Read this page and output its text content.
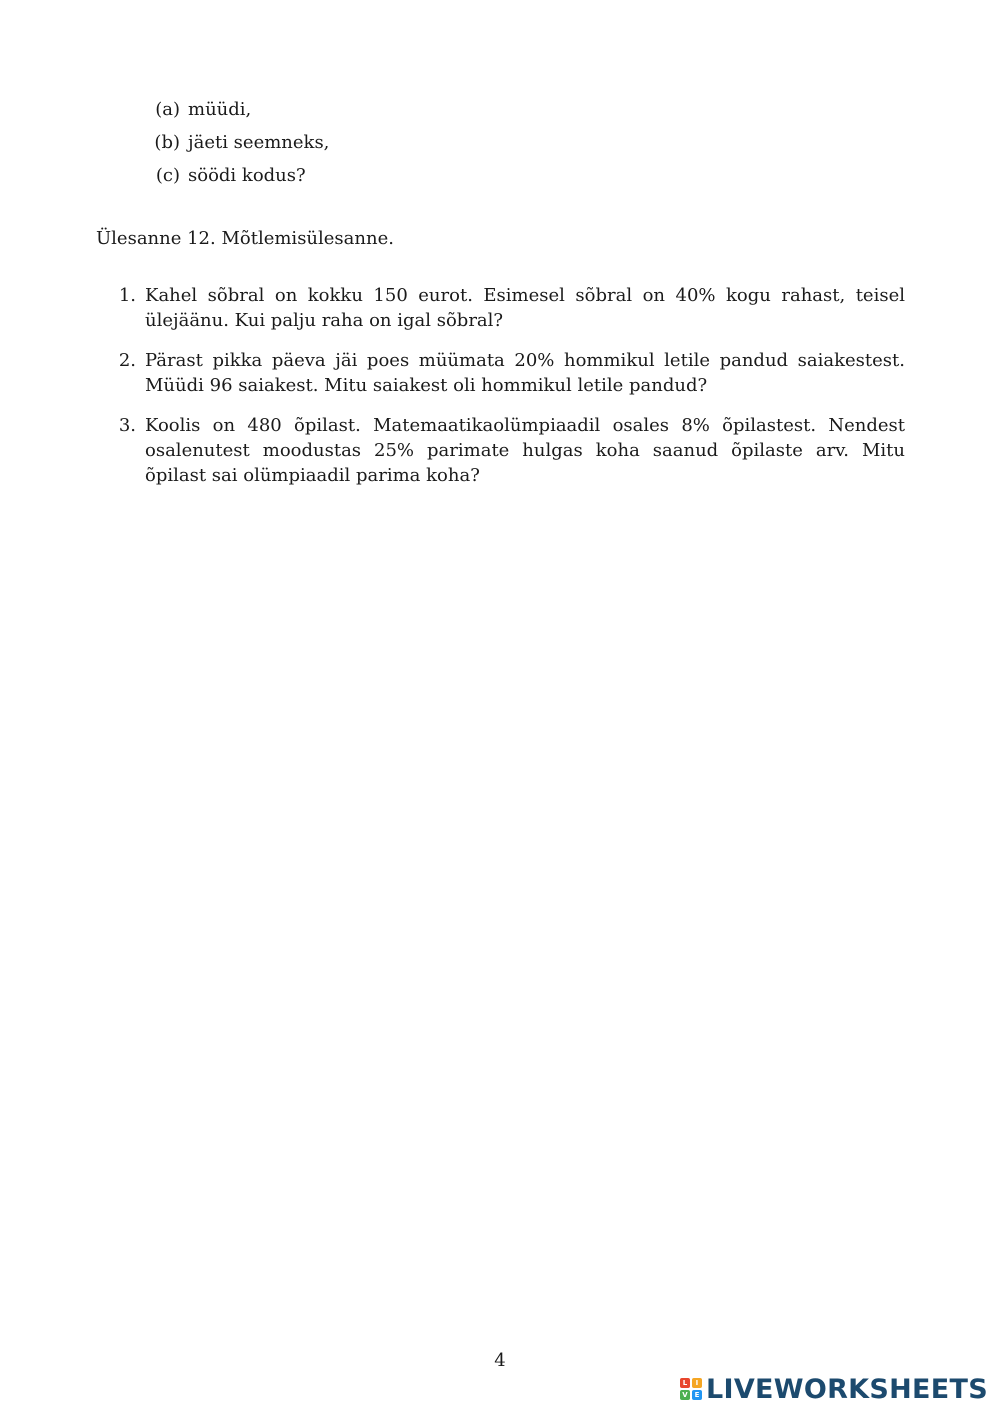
(a) müüdi,
(b) jäeti seemneks,
(c) söödi kodus?
Ülesanne 12. Mõtlemisülesanne.
1. Kahel sõbral on kokku 150 eurot. Esimesel sõbral on 40% kogu rahast, teisel ülejäänu. Kui palju raha on igal sõbral?
2. Pärast pikka päeva jäi poes müümata 20% hommikul letile pandud saiakestest. Müüdi 96 saiakest. Mitu saiakest oli hommikul letile pandud?
3. Koolis on 480 õpilast. Matemaatikaolümpiaadil osales 8% õpilastest. Nendest osalenutest moodustas 25% parimate hulgas koha saanud õpilaste arv. Mitu õpilast sai olümpiaadil parima koha?
4
L	I
V E LIVEWORKSHEETS
